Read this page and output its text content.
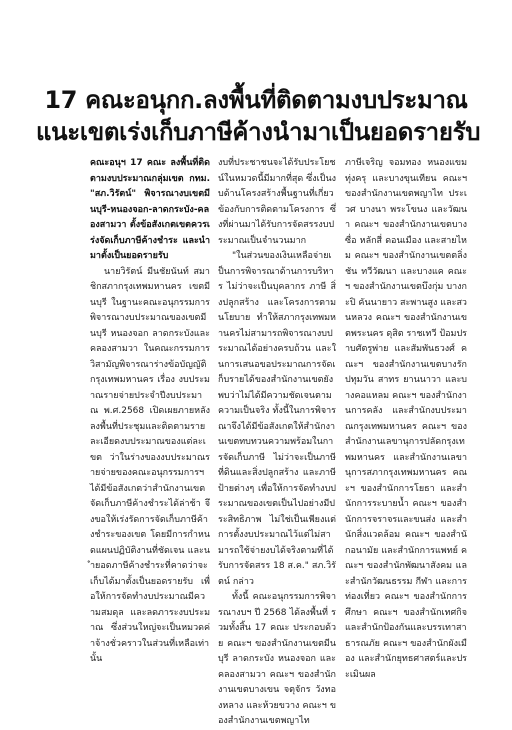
17 คณะอนุกก.ลงพื้นที่ติดตามงบประมาณ
แนะเขตเร่งเก็บภาษีค้างนำมาเป็นยอดรายรับ

คณะอนุฯ 17 คณะ ลงพื้นที่ติดตามงบประมาณกลุ่มเขต กทม. "สภ.วิรัตน์" พิจารณางบเขตมีนบุรี-หนองจอก-ลาดกระบัง-คลองสามวา ตั้งข้อสังเกตเขตควรเร่งจัดเก็บภาษีค้างชำระ และนำมาตั้งเป็นยอดรายรับ

นายวิรัตน์ มีนชัยนันท์ สมาชิกสภากรุงเทพมหานคร เขตมีนบุรี ในฐานะคณะอนุกรรมการพิจารณางบประมาณของเขตมีนบุรี หนองจอก ลาดกระบังและคลองสามวา ในคณะกรรมการวิสามัญพิจารณาร่างข้อบัญญัติกรุงเทพมหานคร เรื่อง งบประมาณรายจ่ายประจำปีงบประมาณ พ.ศ.2568 เปิดเผยภายหลังลงพื้นที่ประชุมและติดตามรายละเอียดงบประมาณของแต่ละเขต ว่าในร่างของงบประมาณรายจ่ายของคณะอนุกรรมการฯ ได้มีข้อสังเกตว่าสำนักงานเขตจัดเก็บภาษีค้างชำระได้ล่าช้า จึงขอให้เร่งรัดการจัดเก็บภาษีค้างชำระของเขต โดยมีการกำหนดแผนปฏิบัติงานที่ชัดเจน และนำยอดภาษีค้างชำระที่คาดว่าจะเก็บได้มาตั้งเป็นยอดรายรับ เพื่อให้การจัดทำงบประมาณมีความสมดุล และลดภาระงบประมาณ ซึ่งส่วนใหญ่จะเป็นหมวดค่าจ้างชั่วคราวในส่วนที่เหลือเท่านั้น

งบที่ประชาชนจะได้รับประโยชน์ในหมวดนี้มีมากที่สุด ซึ่งเป็นงบด้านโครงสร้างพื้นฐานที่เกี่ยวข้องกับการติดตามโครงการ ซึ่งที่ผ่านมาได้รับการจัดสรรงบประมาณเป็นจำนวนมาก

"ในส่วนของเงินเหลือจ่ายเป็นการพิจารณาด้านการบริหาร ไม่ว่าจะเป็นบุคลากร ภาษี สิ่งปลูกสร้าง และโครงการตามนโยบาย ทำให้สภากรุงเทพมหานครไม่สามารถพิจารณางบประมาณได้อย่างครบถ้วน และในการเสนอขอประมาณการจัดเก็บรายได้ของสำนักงานเขตยังพบว่าไม่ได้มีความชัดเจนตามความเป็นจริง ทั้งนี้ในการพิจารณาจึงได้มีข้อสังเกตให้สำนักงานเขตทบทวนความพร้อมในการจัดเก็บภาษี ไม่ว่าจะเป็นภาษีที่ดินและสิ่งปลูกสร้าง และภาษีป้ายต่างๆ เพื่อให้การจัดทำงบประมาณของเขตเป็นไปอย่างมีประสิทธิภาพ ไม่ใช่เป็นเพียงแต่การตั้งงบประมาณไว้แต่ไม่สามารถใช้จ่ายงบได้จริงตามที่ได้รับการจัดสรร 18 ส.ค." สภ.วิรัตน์ กล่าว

ทั้งนี้ คณะอนุกรรมการพิจารณางบฯ ปี 2568 ได้ลงพื้นที่ รวมทั้งสิ้น 17 คณะ ประกอบด้วย คณะฯ ของสำนักงานเขตมีนบุรี ลาดกระบัง หนองจอก และคลองสามวา คณะฯ ของสำนักงานเขตบางเขน จตุจักร วังทองหลาง และห้วยขวาง คณะฯ ของสำนักงานเขตพญาไท

ภาษีเจริญ จอมทอง หนองแขม ทุ่งครุ และบางขุนเทียน คณะฯ ของสำนักงานเขตพญาไท ประเวศ บางนา พระโขนง และวัฒนา คณะฯ ของสำนักงานเขตบางซื่อ หลักสี่ ดอนเมือง และสายไหม คณะฯ ของสำนักงานเขตตลิ่งชัน ทวีวัฒนา และบางแค คณะฯ ของสำนักงานเขตบึงกุ่ม บางกะปิ คันนายาว สะพานสูง และสวนหลวง คณะฯ ของสำนักงานเขตพระนคร ดุสิต ราชเทวี ป้อมปราบศัตรูพ่าย และสัมพันธวงศ์ คณะฯ ของสำนักงานเขตบางรัก ปทุมวัน สาทร ยานนาวา และบางคอแหลม คณะฯ ของสำนักงานการคลัง และสำนักงบประมาณกรุงเทพมหานคร คณะฯ ของสำนักงานเลขานุการปลัดกรุงเทพมหานคร และสำนักงานเลขานุการสภากรุงเทพมหานคร คณะฯ ของสำนักการโยธา และสำนักการระบายน้ำ คณะฯ ของสำนักการจราจรและขนส่ง และสำนักสิ่งแวดล้อม คณะฯ ของสำนักอนามัย และสำนักการแพทย์ คณะฯ ของสำนักพัฒนาสังคม และสำนักวัฒนธรรม กีฬา และการท่องเที่ยว คณะฯ ของสำนักการศึกษา คณะฯ ของสำนักเทศกิจ และสำนักป้องกันและบรรเทาสาธารณภัย คณะฯ ของสำนักผังเมือง และสำนักยุทธศาสตร์และประเมินผล
